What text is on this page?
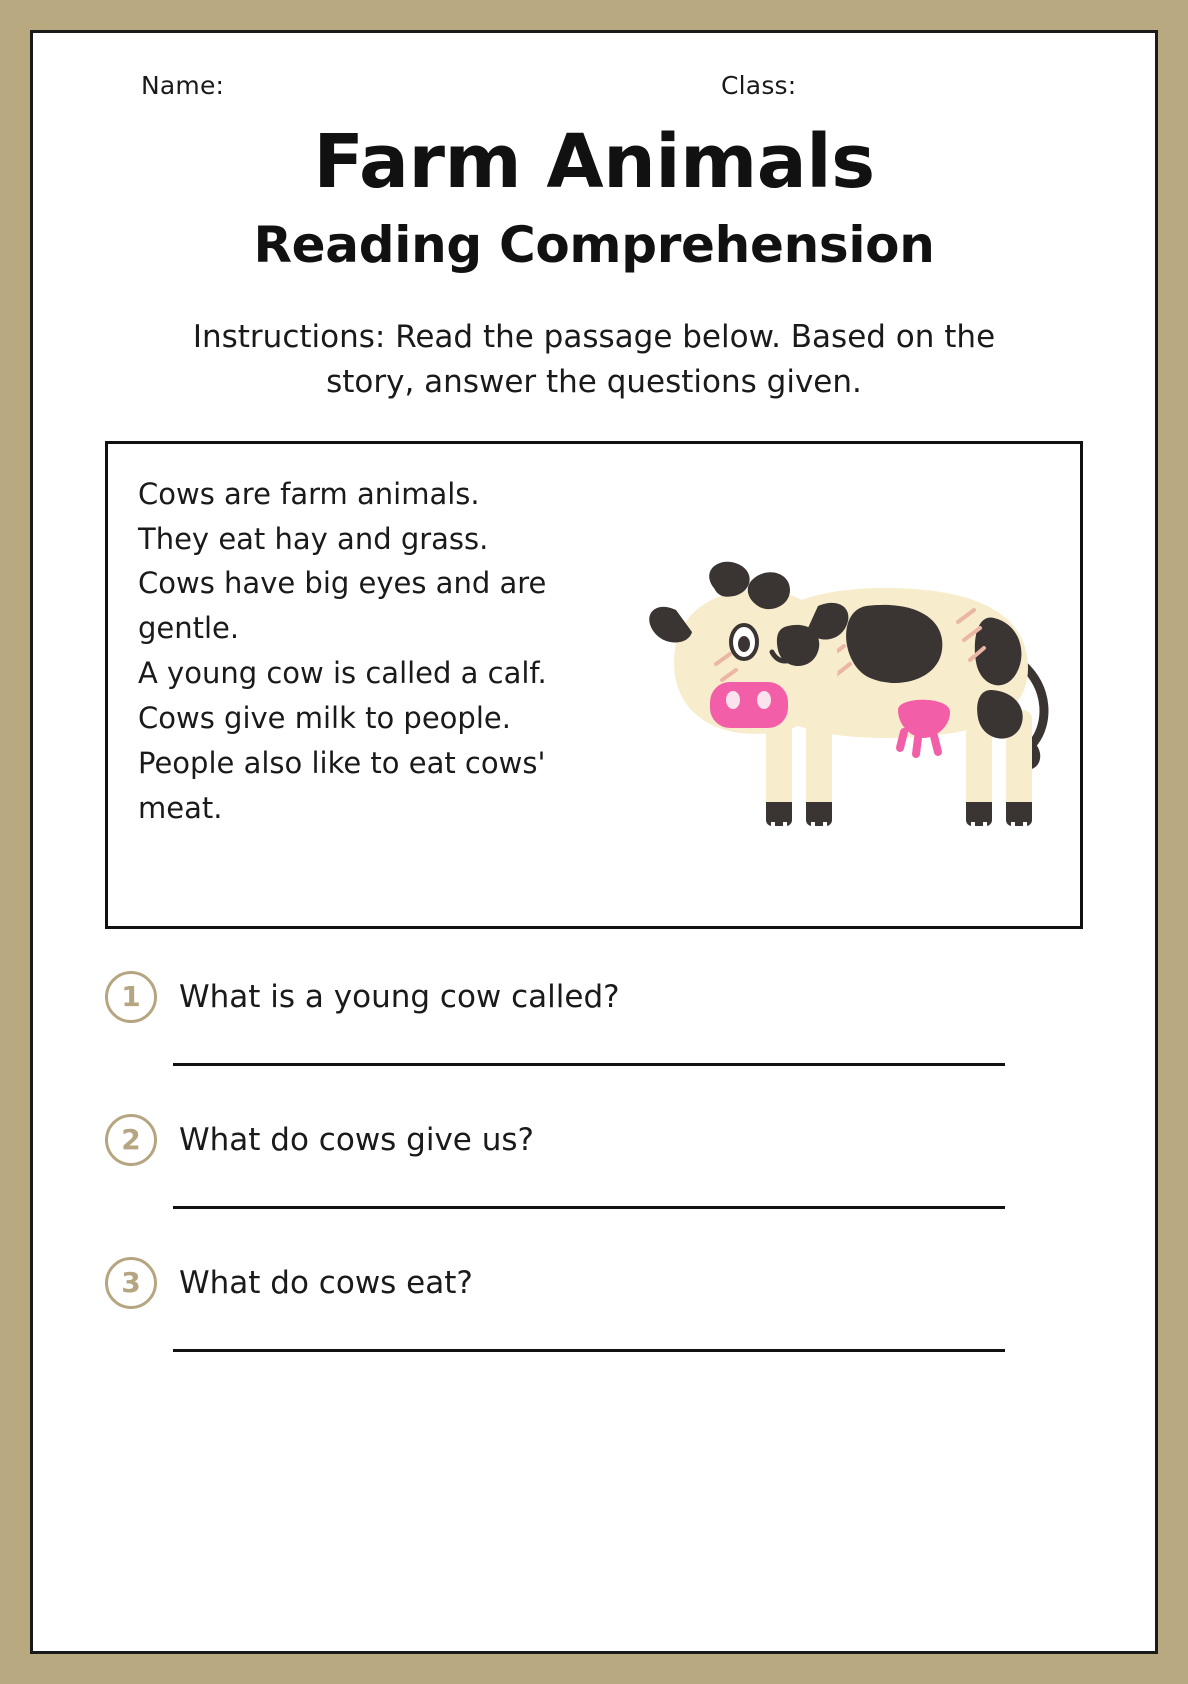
Name:	Class:
Farm Animals
Reading Comprehension
Instructions: Read the passage below. Based on the story, answer the questions given.
Cows are farm animals.
They eat hay and grass.
Cows have big eyes and are gentle.
A young cow is called a calf.
Cows give milk to people.
People also like to eat cows' meat.
1	What is a young cow called?
2	What do cows give us?
3	What do cows eat?
